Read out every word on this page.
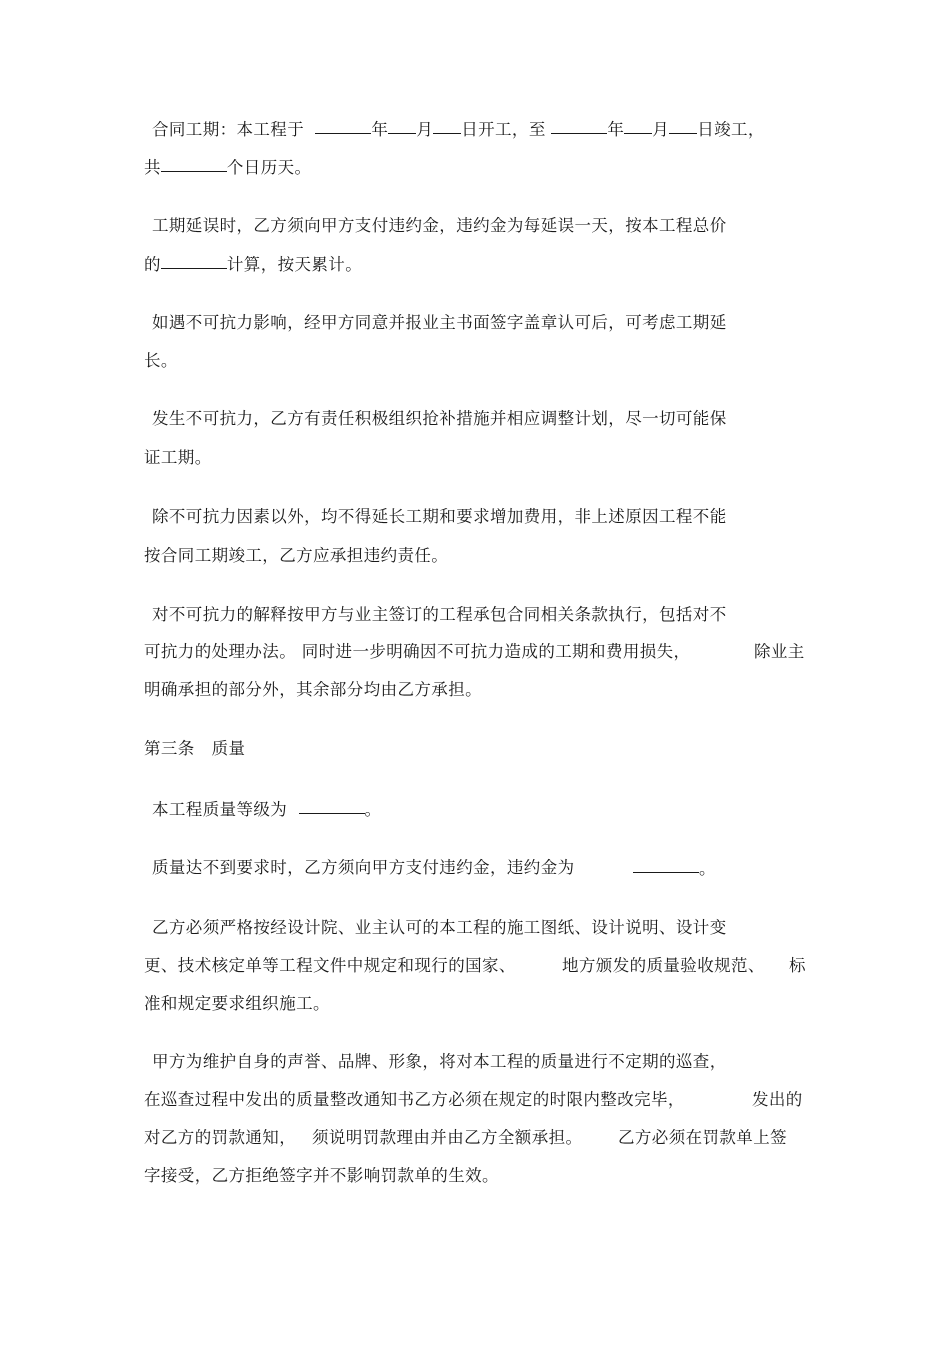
合同工期：本工程于	年 月 日开工，至	年 月 日竣工，
共	个日历天。
工期延误时，乙方须向甲方支付违约金，违约金为每延误一天，按本工程总价
的	计算，按天累计。
如遇不可抗力影响，经甲方同意并报业主书面签字盖章认可后，可考虑工期延
长。
发生不可抗力，乙方有责任积极组织抢补措施并相应调整计划，尽一切可能保
证工期。
除不可抗力因素以外，均不得延长工期和要求增加费用，非上述原因工程不能
按合同工期竣工，乙方应承担违约责任。
对不可抗力的解释按甲方与业主签订的工程承包合同相关条款执行，包括对不
可抗力的处理办法。 同时进一步明确因不可抗力造成的工期和费用损失，	除业主
明确承担的部分外，其余部分均由乙方承担。
第三条   质量
本工程质量等级为	。
质量达不到要求时，乙方须向甲方支付违约金，违约金为	。
乙方必须严格按经设计院、业主认可的本工程的施工图纸、设计说明、设计变
更、技术核定单等工程文件中规定和现行的国家、	地方颁发的质量验收规范、 标
准和规定要求组织施工。
甲方为维护自身的声誉、品牌、形象，将对本工程的质量进行不定期的巡查，
在巡查过程中发出的质量整改通知书乙方必须在规定的时限内整改完毕，	发出的
对乙方的罚款通知， 须说明罚款理由并由乙方全额承担。 乙方必须在罚款单上签
字接受，乙方拒绝签字并不影响罚款单的生效。
